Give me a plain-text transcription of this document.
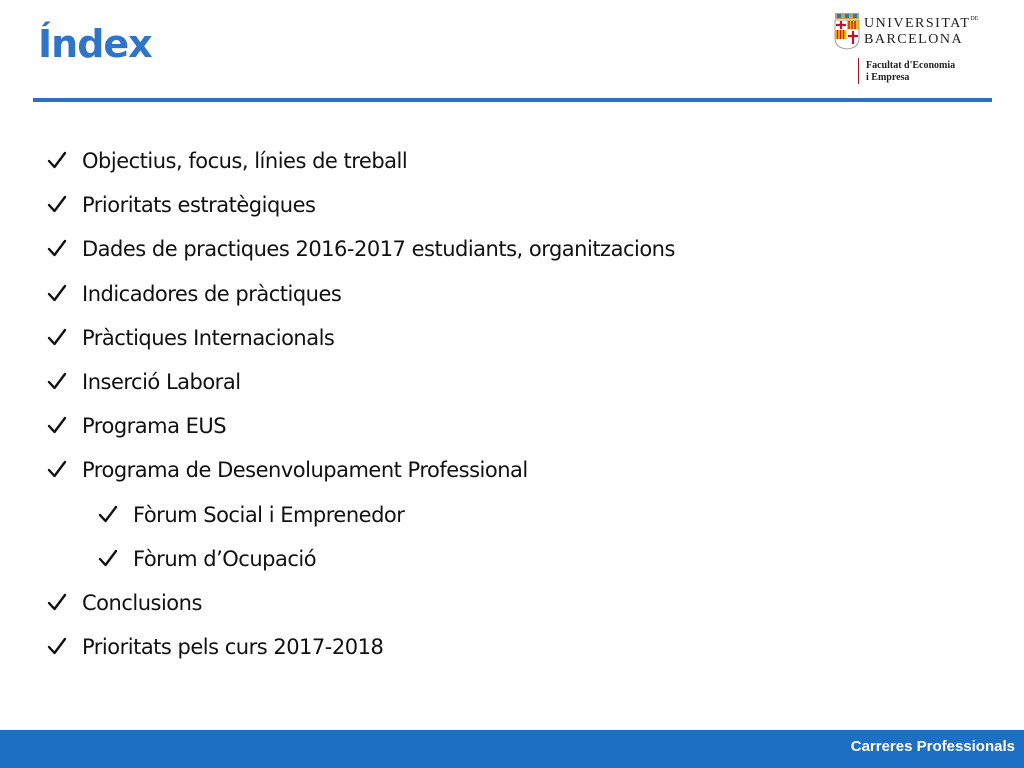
Índex	$UNIVERSITAT^{DE}$
BARCELONA
Facultat d'Economia
i Empresa
Objectius, focus, línies de treball
Prioritats estratègiques
Dades de practiques 2016-2017 estudiants, organitzacions
Indicadores de pràctiques
Pràctiques Internacionals
Inserció Laboral
Programa EUS
Programa de Desenvolupament Professional
Fòrum Social i Emprenedor
Fòrum d’Ocupació
Conclusions
Prioritats pels curs 2017-2018
Carreres Professionals
